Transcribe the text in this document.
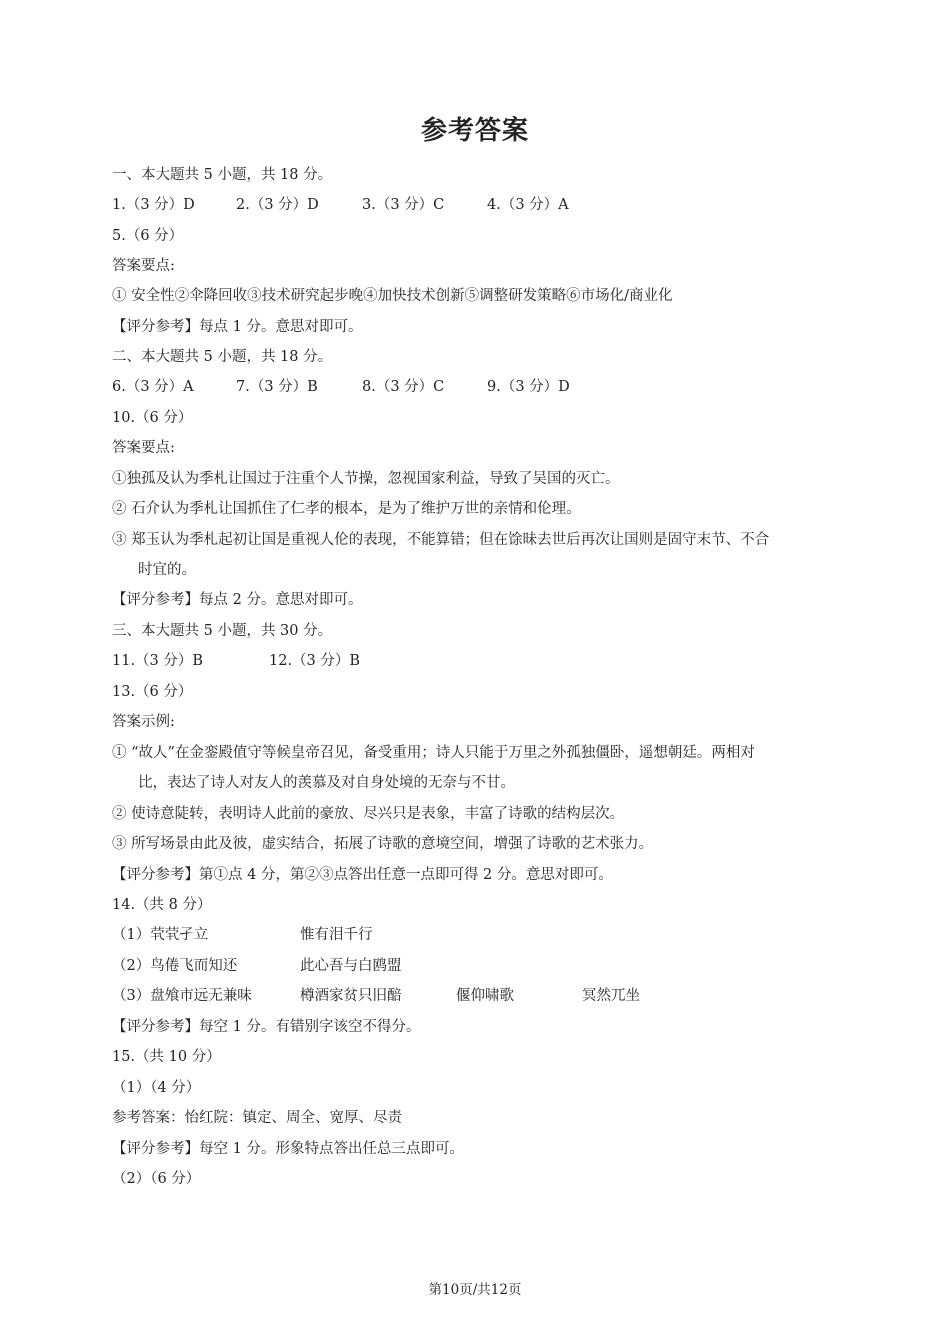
参考答案
一、本大题共 5 小题，共 18 分。
1.（3 分）D	2.（3 分）D	3.（3 分）C	4.（3 分）A
5.（6 分）
答案要点:
① 安全性②伞降回收③技术研究起步晚④加快技术创新⑤调整研发策略⑥市场化/商业化
【评分参考】每点 1 分。意思对即可。
二、本大题共 5 小题，共 18 分。
6.（3 分）A	7.（3 分）B	8.（3 分）C	9.（3 分）D
10.（6 分）
答案要点:
①独孤及认为季札让国过于注重个人节操，忽视国家利益，导致了吴国的灭亡。
② 石介认为季札让国抓住了仁孝的根本，是为了维护万世的亲情和伦理。
③ 郑玉认为季札起初让国是重视人伦的表现，不能算错；但在馀昧去世后再次让国则是固守末节、不合
时宜的。
【评分参考】每点 2 分。意思对即可。
三、本大题共 5 小题，共 30 分。
11.（3 分）B	12.（3 分）B
13.（6 分）
答案示例:
① “故人”在金銮殿值守等候皇帝召见，备受重用；诗人只能于万里之外孤独僵卧，遥想朝廷。两相对
比，表达了诗人对友人的羡慕及对自身处境的无奈与不甘。
② 使诗意陡转，表明诗人此前的豪放、尽兴只是表象，丰富了诗歌的结构层次。
③ 所写场景由此及彼，虚实结合，拓展了诗歌的意境空间，增强了诗歌的艺术张力。
【评分参考】第①点 4 分，第②③点答出任意一点即可得 2 分。意思对即可。
14.（共 8 分）
（1）茕茕孑立	惟有泪千行
（2）鸟倦飞而知还	此心吾与白鸥盟
（3）盘飧市远无兼味	樽酒家贫只旧醅	偃仰啸歌	冥然兀坐
【评分参考】每空 1 分。有错别字该空不得分。
15.（共 10 分）
（1）（4 分）
参考答案：怡红院：镇定、周全、宽厚、尽责
【评分参考】每空 1 分。形象特点答出任总三点即可。
（2）（6 分）
第10页/共12页
